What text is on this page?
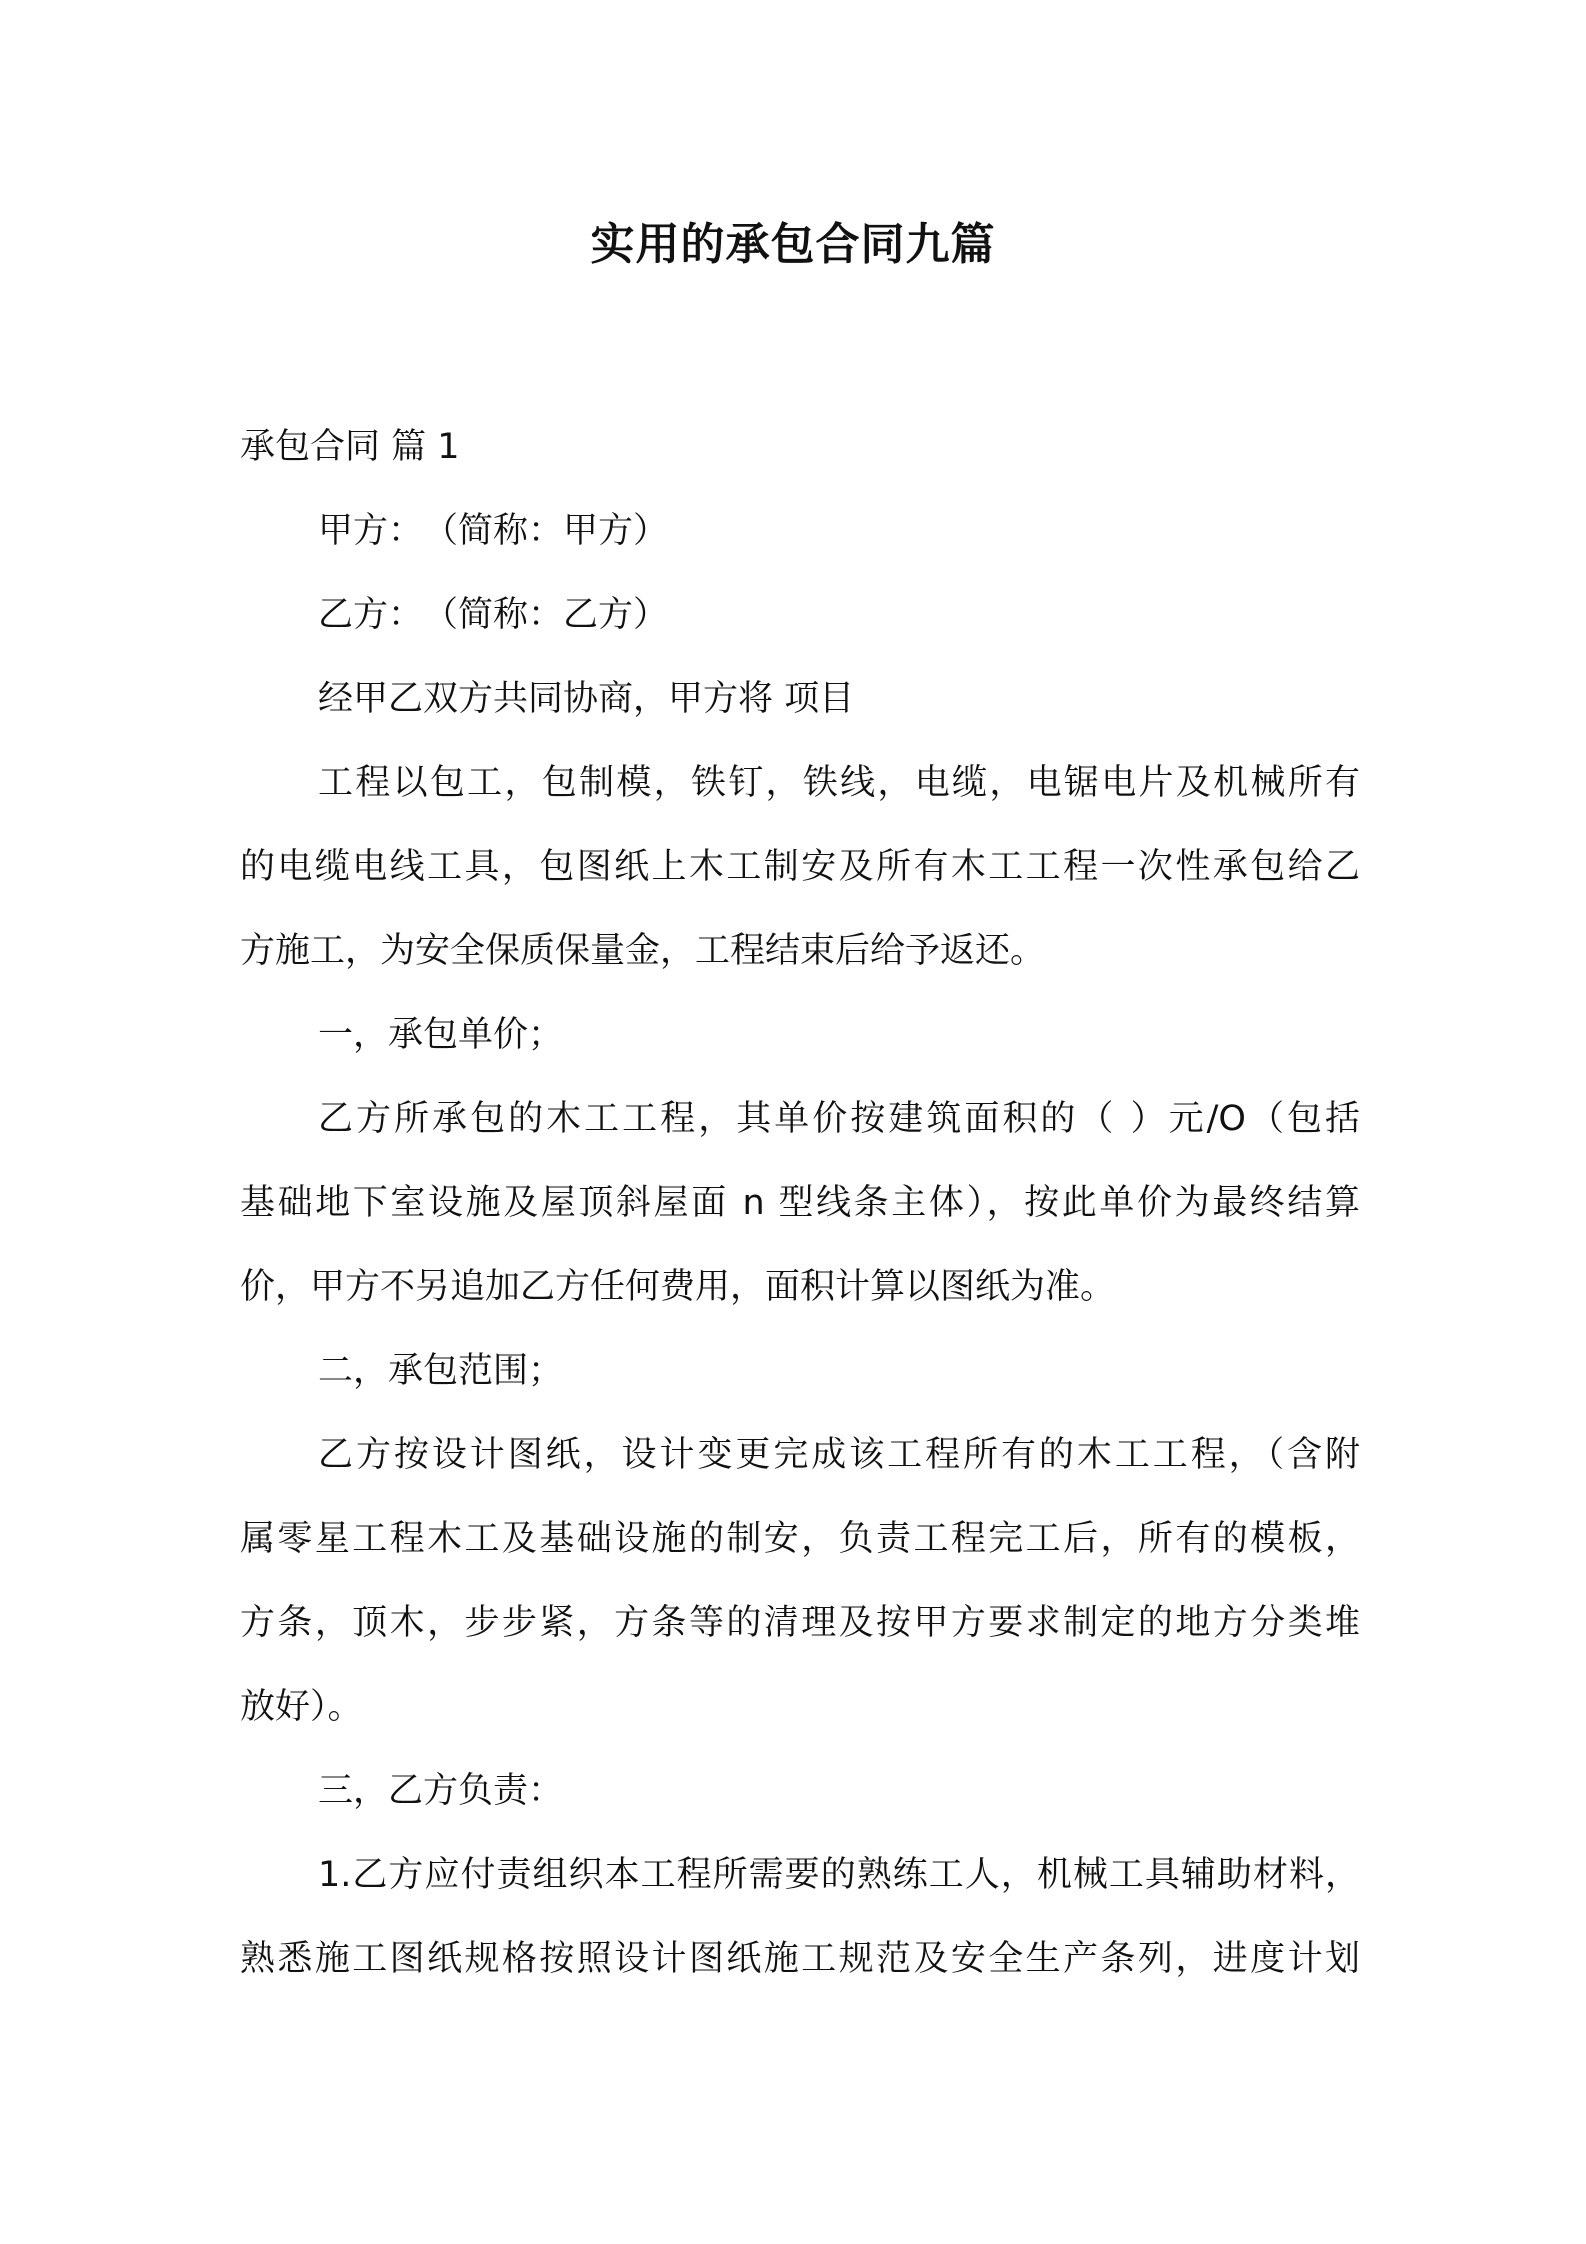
实用的承包合同九篇
承包合同 篇 1
甲方：　（简称：甲方）
乙方：　（简称：乙方）
经甲乙双方共同协商，甲方将 项目
工程以包工，包制模，铁钉，铁线，电缆，电锯电片及机械所有
的电缆电线工具，包图纸上木工制安及所有木工工程一次性承包给乙
方施工，为安全保质保量金，工程结束后给予返还。
一，承包单价；
乙方所承包的木工工程，其单价按建筑面积的（ ）元/O（包括
基础地下室设施及屋顶斜屋面 n 型线条主体），按此单价为最终结算
价，甲方不另追加乙方任何费用，面积计算以图纸为准。
二，承包范围；
乙方按设计图纸，设计变更完成该工程所有的木工工程，（含附
属零星工程木工及基础设施的制安，负责工程完工后，所有的模板，
方条，顶木，步步紧，方条等的清理及按甲方要求制定的地方分类堆
放好）。
三，乙方负责：
1.乙方应付责组织本工程所需要的熟练工人，机械工具辅助材料，
熟悉施工图纸规格按照设计图纸施工规范及安全生产条列，进度计划
